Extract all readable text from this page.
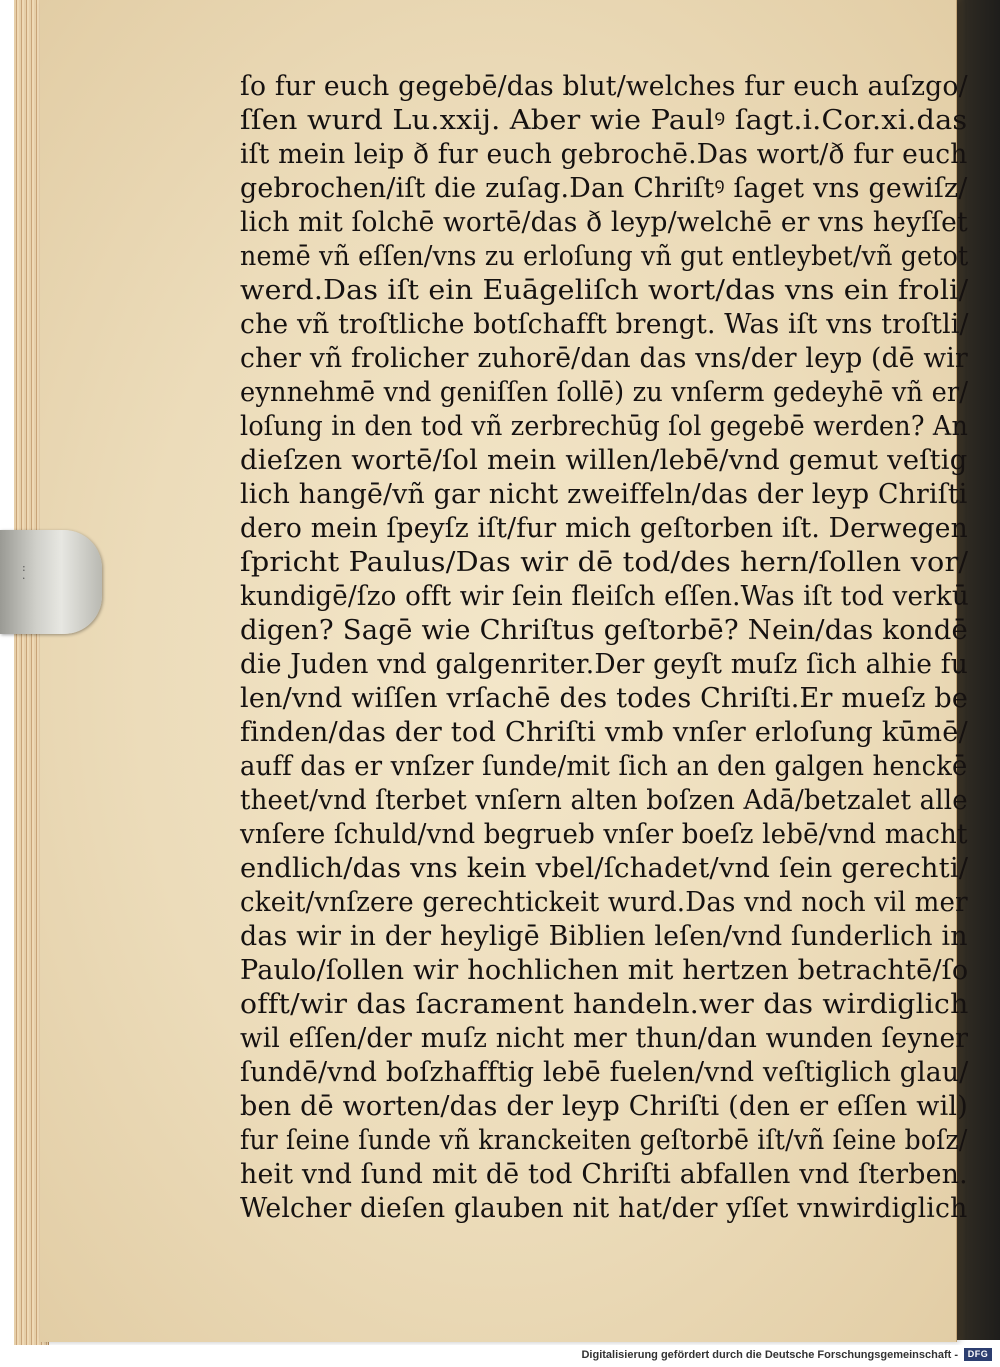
:
·
ſo fur euch gegebē/das blut/welches fur euch auſzgo/
ſſen wurd Lu.xxij. Aber wie Paulꝰ ſagt.i.Cor.xi.das
iſt mein leip ð fur euch gebrochē.Das wort/ð fur euch
gebrochen/iſt die zuſag.Dan Chriſtꝰ ſaget vns gewiſz/
lich mit ſolchē wortē/das ð leyp/welchē er vns heyſſet
nemē vñ eſſen/vns zu erloſung vñ gut entleybet/vñ getot
werd.Das iſt ein Euāgeliſch wort/das vns ein froli/
che vñ troſtliche botſchafft brengt. Was iſt vns troſtli/
cher vñ frolicher zuhorē/dan das vns/der leyp (dē wir
eynnehmē vnd geniſſen ſollē) zu vnſerm gedeyhē vñ er/
loſung in den tod vñ zerbrechūg ſol gegebē werden? An
dieſzen wortē/ſol mein willen/lebē/vnd gemut veſtig
lich hangē/vñ gar nicht zweiffeln/das der leyp Chriſti
dero mein ſpeyſz iſt/fur mich geſtorben iſt. Derwegen
ſpricht Paulus/Das wir dē tod/des hern/ſollen vor/
kundigē/ſzo offt wir ſein fleiſch eſſen.Was iſt tod verkū
digen? Sagē wie Chriſtus geſtorbē? Nein/das kondē
die Juden vnd galgenriter.Der geyſt muſz ſich alhie fu
len/vnd wiſſen vrſachē des todes Chriſti.Er mueſz be
finden/das der tod Chriſti vmb vnſer erloſung kūmē/
auff das er vnſzer ſunde/mit ſich an den galgen henckē
theet/vnd ſterbet vnſern alten boſzen Adā/betzalet alle
vnſere ſchuld/vnd begrueb vnſer boeſz lebē/vnd macht
endlich/das vns kein vbel/ſchadet/vnd ſein gerechti/
ckeit/vnſzere gerechtickeit wurd.Das vnd noch vil mer
das wir in der heyligē Biblien leſen/vnd ſunderlich in
Paulo/ſollen wir hochlichen mit hertzen betrachtē/ſo
offt/wir das ſacrament handeln.wer das wirdiglich
wil eſſen/der muſz nicht mer thun/dan wunden ſeyner
ſundē/vnd boſzhafftig lebē fuelen/vnd veſtiglich glau/
ben dē worten/das der leyp Chriſti (den er eſſen wil)
fur ſeine ſunde vñ kranckeiten geſtorbē iſt/vñ ſeine boſz/
heit vnd ſund mit dē tod Chriſti abfallen vnd ſterben.
Welcher dieſen glauben nit hat/der yſſet vnwirdiglich
Digitalisierung gefördert durch die Deutsche Forschungsgemeinschaft -	DFG
